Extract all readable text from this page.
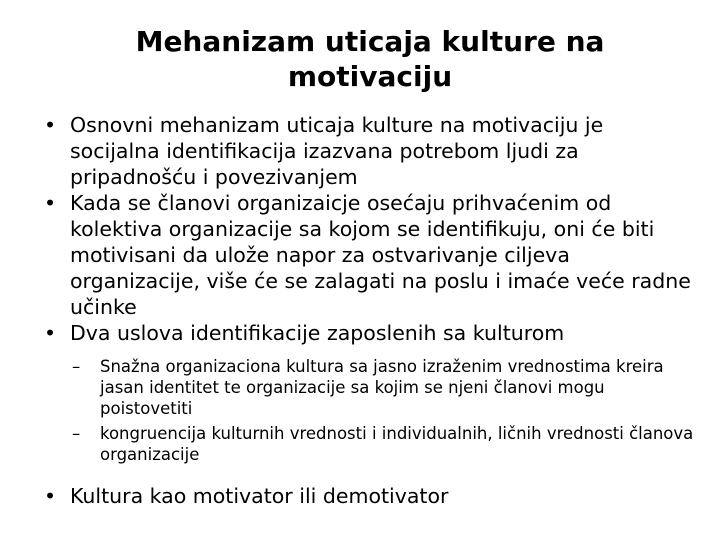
Mehanizam uticaja kulture na motivaciju
• Osnovni mehanizam uticaja kulture na motivaciju je socijalna identifikacija izazvana potrebom ljudi za pripadnošću i povezivanjem
• Kada se članovi organizaicje osećaju prihvaćenim od kolektiva organizacije sa kojom se identifikuju, oni će biti motivisani da ulože napor za ostvarivanje ciljeva organizacije, više će se zalagati na poslu i imaće veće radne učinke
• Dva uslova identifikacije zaposlenih sa kulturom
– Snažna organizaciona kultura sa jasno izraženim vrednostima kreira jasan identitet te organizacije sa kojim se njeni članovi mogu poistovetiti
– kongruencija kulturnih vrednosti i individualnih, ličnih vrednosti članova organizacije
• Kultura kao motivator ili demotivator
